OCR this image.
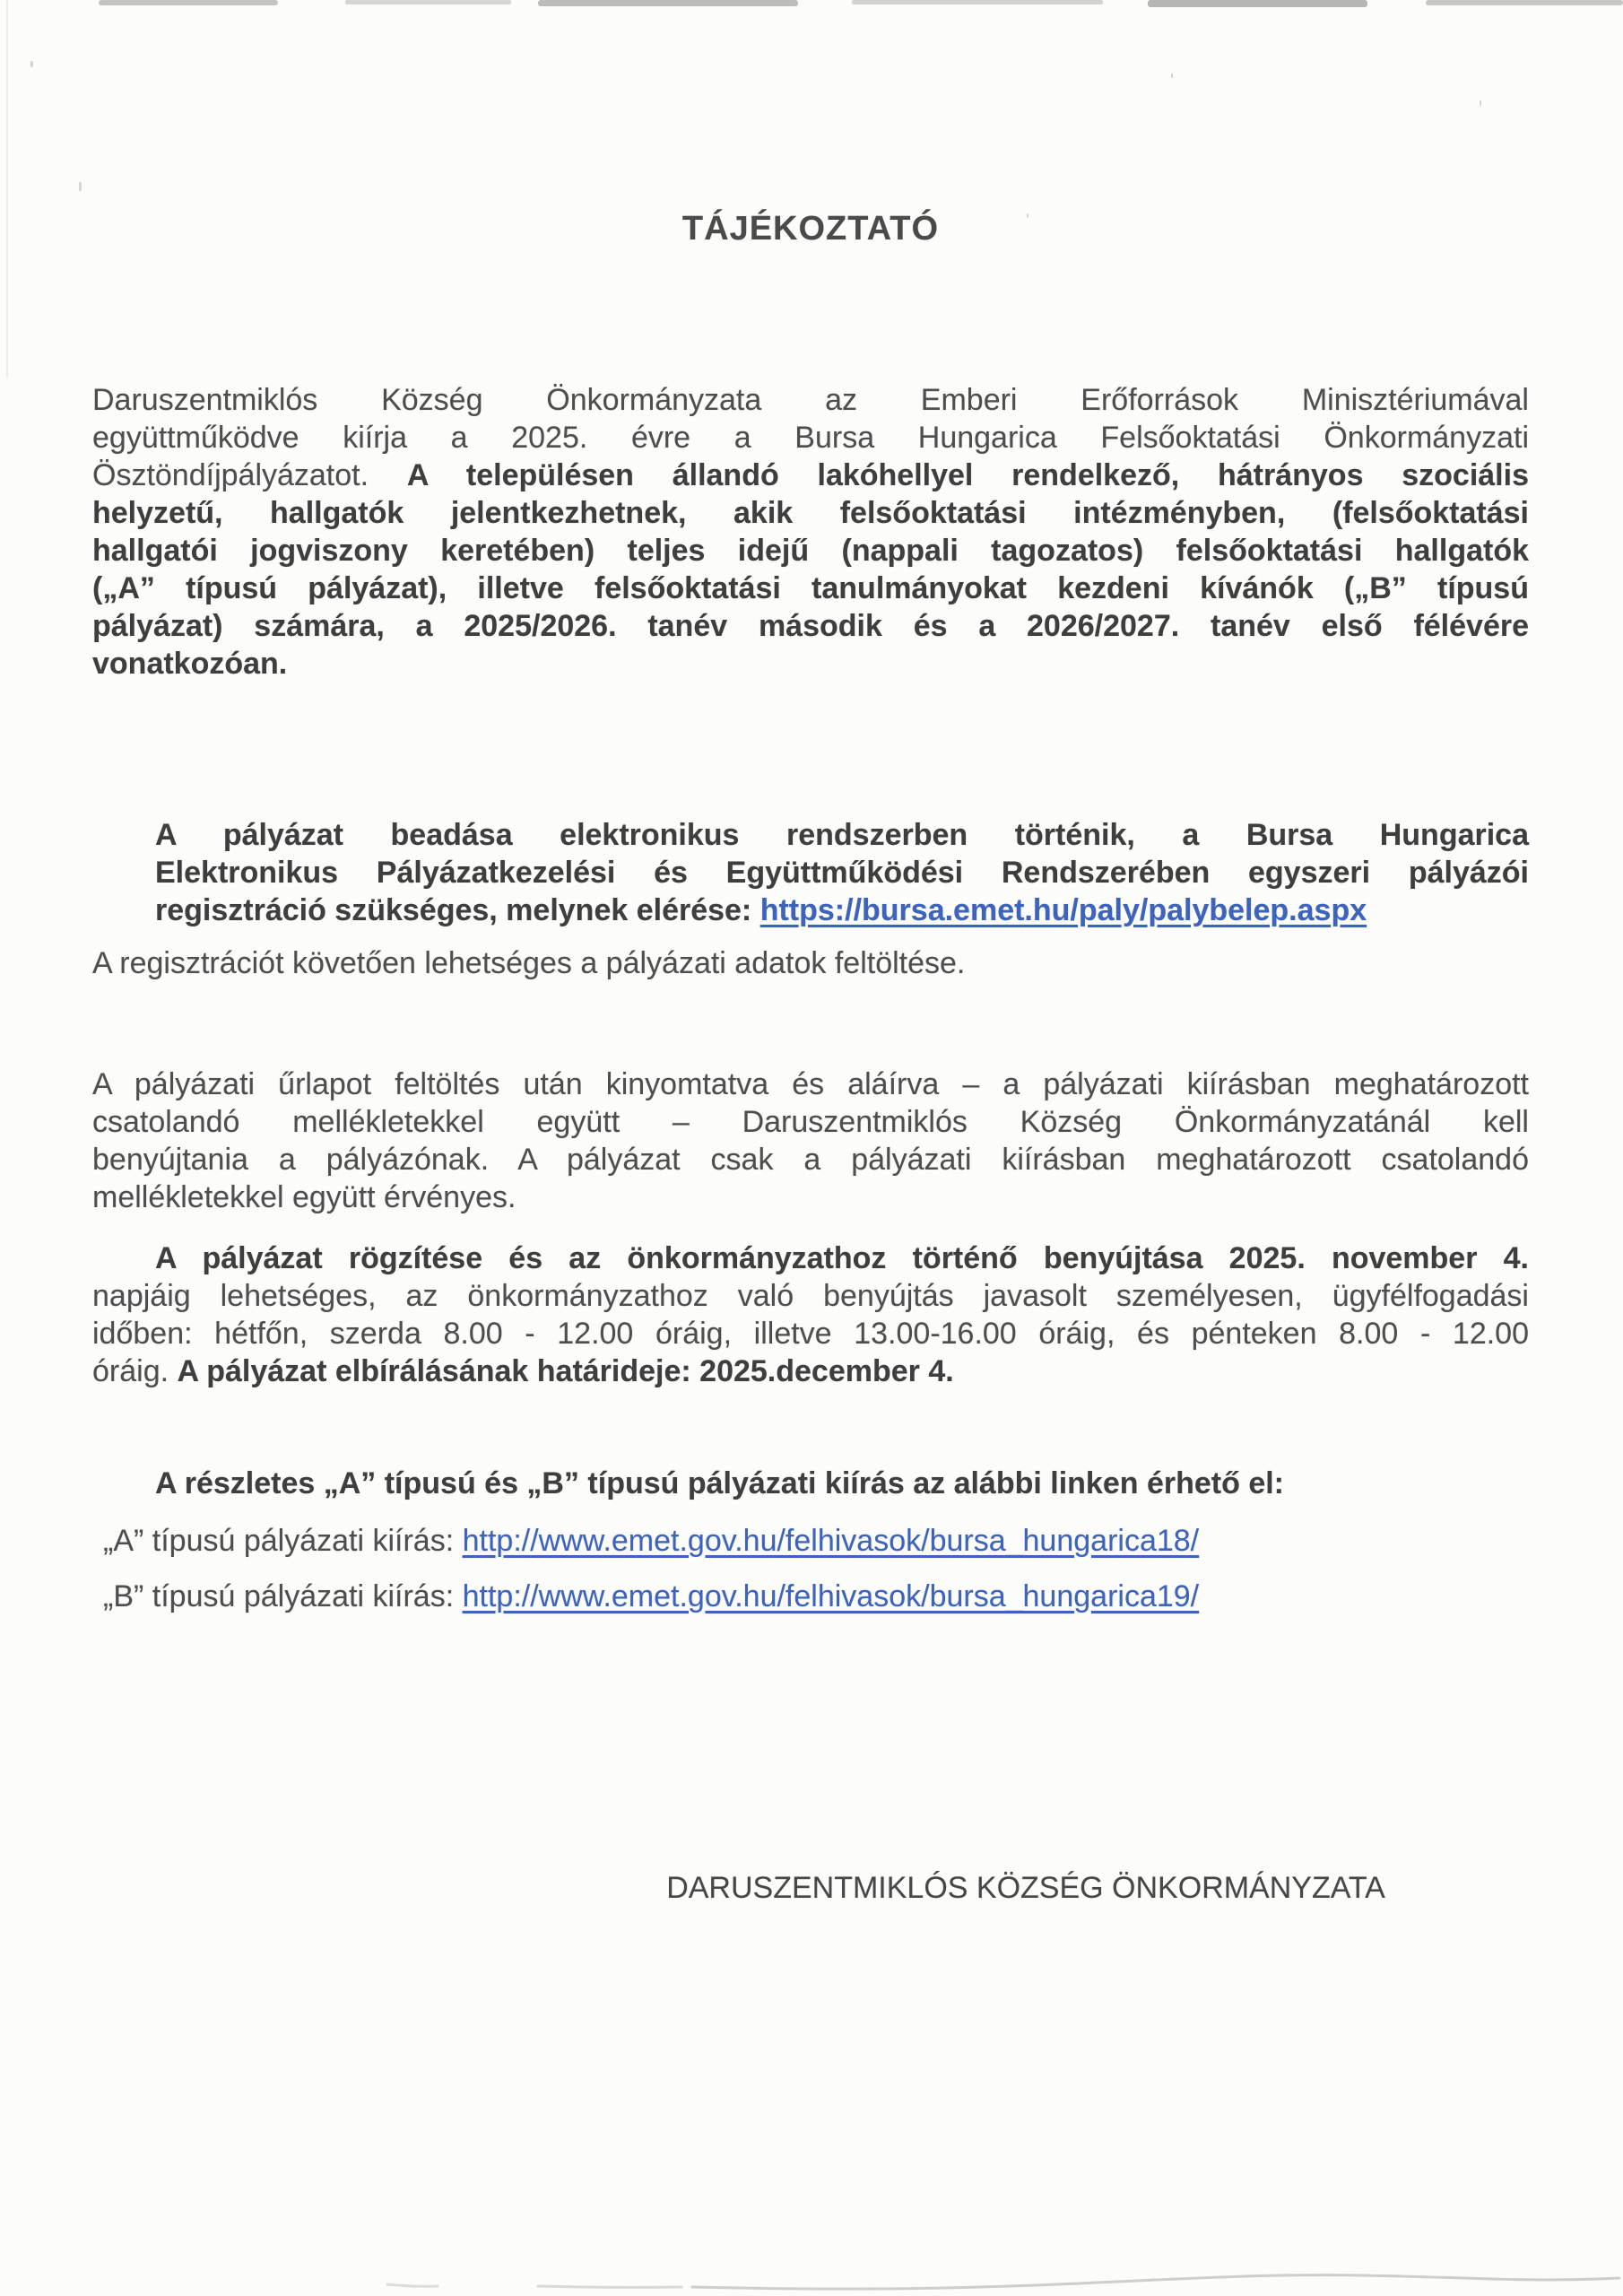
TÁJÉKOZTATÓ
Daruszentmiklós Község Önkormányzata az Emberi Erőforrások Minisztériumával
együttműködve kiírja a 2025. évre a Bursa Hungarica Felsőoktatási Önkormányzati
Ösztöndíjpályázatot. A településen állandó lakóhellyel rendelkező, hátrányos szociális
helyzetű, hallgatók jelentkezhetnek, akik felsőoktatási intézményben, (felsőoktatási
hallgatói jogviszony keretében) teljes idejű (nappali tagozatos) felsőoktatási hallgatók
(„A” típusú pályázat), illetve felsőoktatási tanulmányokat kezdeni kívánók („B” típusú
pályázat) számára, a 2025/2026. tanév második és a 2026/2027. tanév első félévére
vonatkozóan.
A pályázat beadása elektronikus rendszerben történik, a Bursa Hungarica
Elektronikus Pályázatkezelési és Együttműködési Rendszerében egyszeri pályázói
regisztráció szükséges, melynek elérése: https://bursa.emet.hu/paly/palybelep.aspx
A regisztrációt követően lehetséges a pályázati adatok feltöltése.
A pályázati űrlapot feltöltés után kinyomtatva és aláírva – a pályázati kiírásban meghatározott
csatolandó mellékletekkel együtt – Daruszentmiklós Község Önkormányzatánál kell
benyújtania a pályázónak. A pályázat csak a pályázati kiírásban meghatározott csatolandó
mellékletekkel együtt érvényes.
A pályázat rögzítése és az önkormányzathoz történő benyújtása 2025. november 4.
napjáig lehetséges, az önkormányzathoz való benyújtás javasolt személyesen, ügyfélfogadási
időben: hétfőn, szerda 8.00 - 12.00 óráig, illetve 13.00-16.00 óráig, és pénteken 8.00 - 12.00
óráig. A pályázat elbírálásának határideje: 2025.december 4.
A részletes „A” típusú és „B” típusú pályázati kiírás az alábbi linken érhető el:
„A” típusú pályázati kiírás: http://www.emet.gov.hu/felhivasok/bursa_hungarica18/
„B” típusú pályázati kiírás: http://www.emet.gov.hu/felhivasok/bursa_hungarica19/
DARUSZENTMIKLÓS KÖZSÉG ÖNKORMÁNYZATA
